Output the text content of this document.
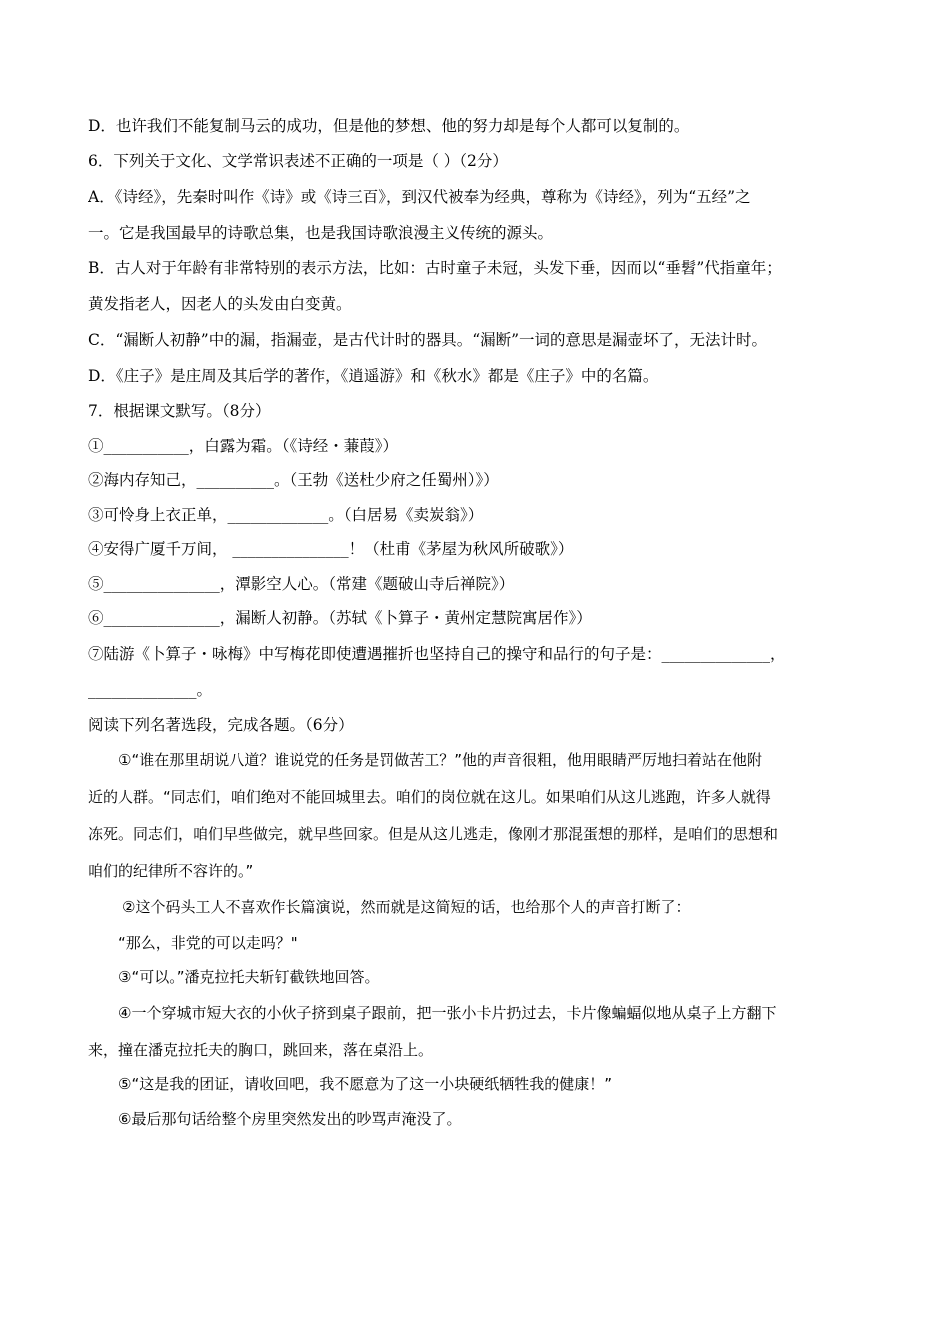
D．也许我们不能复制马云的成功，但是他的梦想、他的努力却是每个人都可以复制的。
6．下列关于文化、文学常识表述不正确的一项是（ ）（2分）
A．《诗经》，先秦时叫作《诗》或《诗三百》，到汉代被奉为经典，尊称为《诗经》，列为“五经”之
一。它是我国最早的诗歌总集，也是我国诗歌浪漫主义传统的源头。
B．古人对于年龄有非常特别的表示方法，比如：古时童子未冠，头发下垂，因而以“垂髫”代指童年；
黄发指老人，因老人的头发由白变黄。
C．“漏断人初静”中的漏，指漏壶，是古代计时的器具。“漏断”一词的意思是漏壶坏了，无法计时。
D．《庄子》是庄周及其后学的著作，《逍遥游》和《秋水》都是《庄子》中的名篇。
7．根据课文默写。（8分）
①___________，白露为霜。（《诗经・蒹葭》）
②海内存知己，__________。（王勃《送杜少府之任蜀州）》）
③可怜身上衣正单，_____________。（白居易《卖炭翁》）
④安得广厦千万间， _______________！（杜甫《茅屋为秋风所破歌》）
⑤_______________，潭影空人心。（常建《题破山寺后禅院》）
⑥_______________，漏断人初静。（苏轼《卜算子・黄州定慧院寓居作》）
⑦陆游《卜算子・咏梅》中写梅花即使遭遇摧折也坚持自己的操守和品行的句子是：______________，
______________。
阅读下列名著选段，完成各题。（6分）
①“谁在那里胡说八道？谁说党的任务是罚做苦工？”他的声音很粗，他用眼睛严厉地扫着站在他附
近的人群。“同志们，咱们绝对不能回城里去。咱们的岗位就在这儿。如果咱们从这儿逃跑，许多人就得
冻死。同志们，咱们早些做完，就早些回家。但是从这儿逃走，像刚才那混蛋想的那样，是咱们的思想和
咱们的纪律所不容许的。”
②这个码头工人不喜欢作长篇演说，然而就是这简短的话，也给那个人的声音打断了：
“那么，非党的可以走吗？"
③“可以。”潘克拉托夫斩钉截铁地回答。
④一个穿城市短大衣的小伙子挤到桌子跟前，把一张小卡片扔过去，卡片像蝙蝠似地从桌子上方翻下
来，撞在潘克拉托夫的胸口，跳回来，落在桌沿上。
⑤“这是我的团证，请收回吧，我不愿意为了这一小块硬纸牺牲我的健康！”
⑥最后那句话给整个房里突然发出的吵骂声淹没了。
